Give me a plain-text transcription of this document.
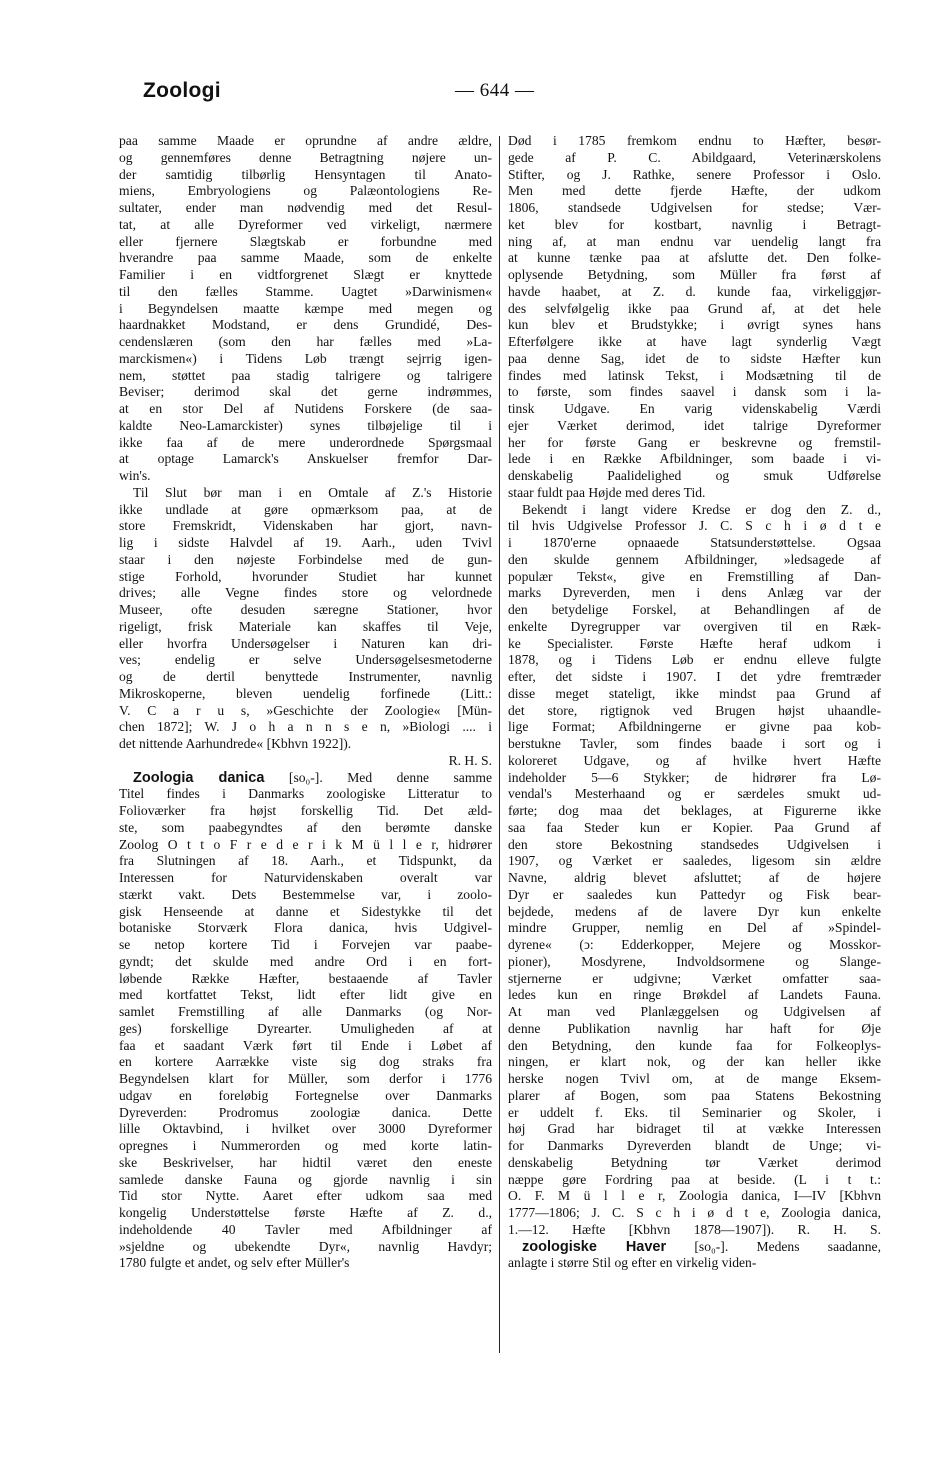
Zoologi	— 644 —
paa samme Maade er oprundne af andre ældre,
og gennemføres denne Betragtning nøjere un-
der samtidig tilbørlig Hensyntagen til Anato-
miens, Embryologiens og Palæontologiens Re-
sultater, ender man nødvendig med det Resul-
tat, at alle Dyreformer ved virkeligt, nærmere
eller fjernere Slægtskab er forbundne med
hverandre paa samme Maade, som de enkelte
Familier i en vidtforgrenet Slægt er knyttede
til den fælles Stamme. Uagtet »Darwinismen«
i Begyndelsen maatte kæmpe med megen og
haardnakket Modstand, er dens Grundidé, Des-
cendenslæren (som den har fælles med »La-
marckismen«) i Tidens Løb trængt sejrrig igen-
nem, støttet paa stadig talrigere og talrigere
Beviser; derimod skal det gerne indrømmes,
at en stor Del af Nutidens Forskere (de saa-
kaldte Neo-Lamarckister) synes tilbøjelige til i
ikke faa af de mere underordnede Spørgsmaal
at optage Lamarck's Anskuelser fremfor Dar-
win's.
Til Slut bør man i en Omtale af Z.'s Historie
ikke undlade at gøre opmærksom paa, at de
store Fremskridt, Videnskaben har gjort, navn-
lig i sidste Halvdel af 19. Aarh., uden Tvivl
staar i den nøjeste Forbindelse med de gun-
stige Forhold, hvorunder Studiet har kunnet
drives; alle Vegne findes store og velordnede
Museer, ofte desuden særegne Stationer, hvor
rigeligt, frisk Materiale kan skaffes til Veje,
eller hvorfra Undersøgelser i Naturen kan dri-
ves; endelig er selve Undersøgelsesmetoderne
og de dertil benyttede Instrumenter, navnlig
Mikroskoperne, bleven uendelig forfinede (Litt.:
V. C a r u s, »Geschichte der Zoologie« [Mün-
chen 1872]; W. J o h a n n s e n, »Biologi .... i
det nittende Aarhundrede« [Kbhvn 1922]).
R. H. S.
Zoologia danica [so₀-]. Med denne samme
Titel findes i Danmarks zoologiske Litteratur to
Folioværker fra højst forskellig Tid. Det æld-
ste, som paabegyndtes af den berømte danske
Zoolog O t t o F r e d e r i k M ü l l e r, hidrører
fra Slutningen af 18. Aarh., et Tidspunkt, da
Interessen for Naturvidenskaben overalt var
stærkt vakt. Dets Bestemmelse var, i zoolo-
gisk Henseende at danne et Sidestykke til det
botaniske Storværk Flora danica, hvis Udgivel-
se netop kortere Tid i Forvejen var paabe-
gyndt; det skulde med andre Ord i en fort-
løbende Række Hæfter, bestaaende af Tavler
med kortfattet Tekst, lidt efter lidt give en
samlet Fremstilling af alle Danmarks (og Nor-
ges) forskellige Dyrearter. Umuligheden af at
faa et saadant Værk ført til Ende i Løbet af
en kortere Aarrække viste sig dog straks fra
Begyndelsen klart for Müller, som derfor i 1776
udgav en foreløbig Fortegnelse over Danmarks
Dyreverden: Prodromus zoologiæ danica. Dette
lille Oktavbind, i hvilket over 3000 Dyreformer
opregnes i Nummerorden og med korte latin-
ske Beskrivelser, har hidtil været den eneste
samlede danske Fauna og gjorde navnlig i sin
Tid stor Nytte. Aaret efter udkom saa med
kongelig Understøttelse første Hæfte af Z. d.,
indeholdende 40 Tavler med Afbildninger af
»sjeldne og ubekendte Dyr«, navnlig Havdyr;
1780 fulgte et andet, og selv efter Müller's
Død i 1785 fremkom endnu to Hæfter, besør-
gede af P. C. Abildgaard, Veterinærskolens
Stifter, og J. Rathke, senere Professor i Oslo.
Men med dette fjerde Hæfte, der udkom
1806, standsede Udgivelsen for stedse; Vær-
ket blev for kostbart, navnlig i Betragt-
ning af, at man endnu var uendelig langt fra
at kunne tænke paa at afslutte det. Den folke-
oplysende Betydning, som Müller fra først af
havde haabet, at Z. d. kunde faa, virkeliggjør-
des selvfølgelig ikke paa Grund af, at det hele
kun blev et Brudstykke; i øvrigt synes hans
Efterfølgere ikke at have lagt synderlig Vægt
paa denne Sag, idet de to sidste Hæfter kun
findes med latinsk Tekst, i Modsætning til de
to første, som findes saavel i dansk som i la-
tinsk Udgave. En varig videnskabelig Værdi
ejer Værket derimod, idet talrige Dyreformer
her for første Gang er beskrevne og fremstil-
lede i en Række Afbildninger, som baade i vi-
denskabelig Paalidelighed og smuk Udførelse
staar fuldt paa Højde med deres Tid.
Bekendt i langt videre Kredse er dog den Z. d.,
til hvis Udgivelse Professor J. C. S c h i ø d t e
i 1870'erne opnaaede Statsunderstøttelse. Ogsaa
den skulde gennem Afbildninger, »ledsagede af
populær Tekst«, give en Fremstilling af Dan-
marks Dyreverden, men i dens Anlæg var der
den betydelige Forskel, at Behandlingen af de
enkelte Dyregrupper var overgiven til en Ræk-
ke Specialister. Første Hæfte heraf udkom i
1878, og i Tidens Løb er endnu elleve fulgte
efter, det sidste i 1907. I det ydre fremtræder
disse meget stateligt, ikke mindst paa Grund af
det store, rigtignok ved Brugen højst uhaandle-
lige Format; Afbildningerne er givne paa kob-
berstukne Tavler, som findes baade i sort og i
koloreret Udgave, og af hvilke hvert Hæfte
indeholder 5—6 Stykker; de hidrører fra Lø-
vendal's Mesterhaand og er særdeles smukt ud-
førte; dog maa det beklages, at Figurerne ikke
saa faa Steder kun er Kopier. Paa Grund af
den store Bekostning standsedes Udgivelsen i
1907, og Værket er saaledes, ligesom sin ældre
Navne, aldrig blevet afsluttet; af de højere
Dyr er saaledes kun Pattedyr og Fisk bear-
bejdede, medens af de lavere Dyr kun enkelte
mindre Grupper, nemlig en Del af »Spindel-
dyrene« (ↄ: Edderkopper, Mejere og Mosskor-
pioner), Mosdyrene, Indvoldsormene og Slange-
stjernerne er udgivne; Værket omfatter saa-
ledes kun en ringe Brøkdel af Landets Fauna.
At man ved Planlæggelsen og Udgivelsen af
denne Publikation navnlig har haft for Øje
den Betydning, den kunde faa for Folkeoplys-
ningen, er klart nok, og der kan heller ikke
herske nogen Tvivl om, at de mange Eksem-
plarer af Bogen, som paa Statens Bekostning
er uddelt f. Eks. til Seminarier og Skoler, i
høj Grad har bidraget til at vække Interessen
for Danmarks Dyreverden blandt de Unge; vi-
denskabelig Betydning tør Værket derimod
næppe gøre Fordring paa at beside. (L i t t.:
O. F. M ü l l e r, Zoologia danica, I—IV [Kbhvn
1777—1806; J. C. S c h i ø d t e, Zoologia danica,
1.—12. Hæfte [Kbhvn 1878—1907]). R. H. S.
zoologiske Haver [so₀-]. Medens saadanne,
anlagte i større Stil og efter en virkelig viden-
